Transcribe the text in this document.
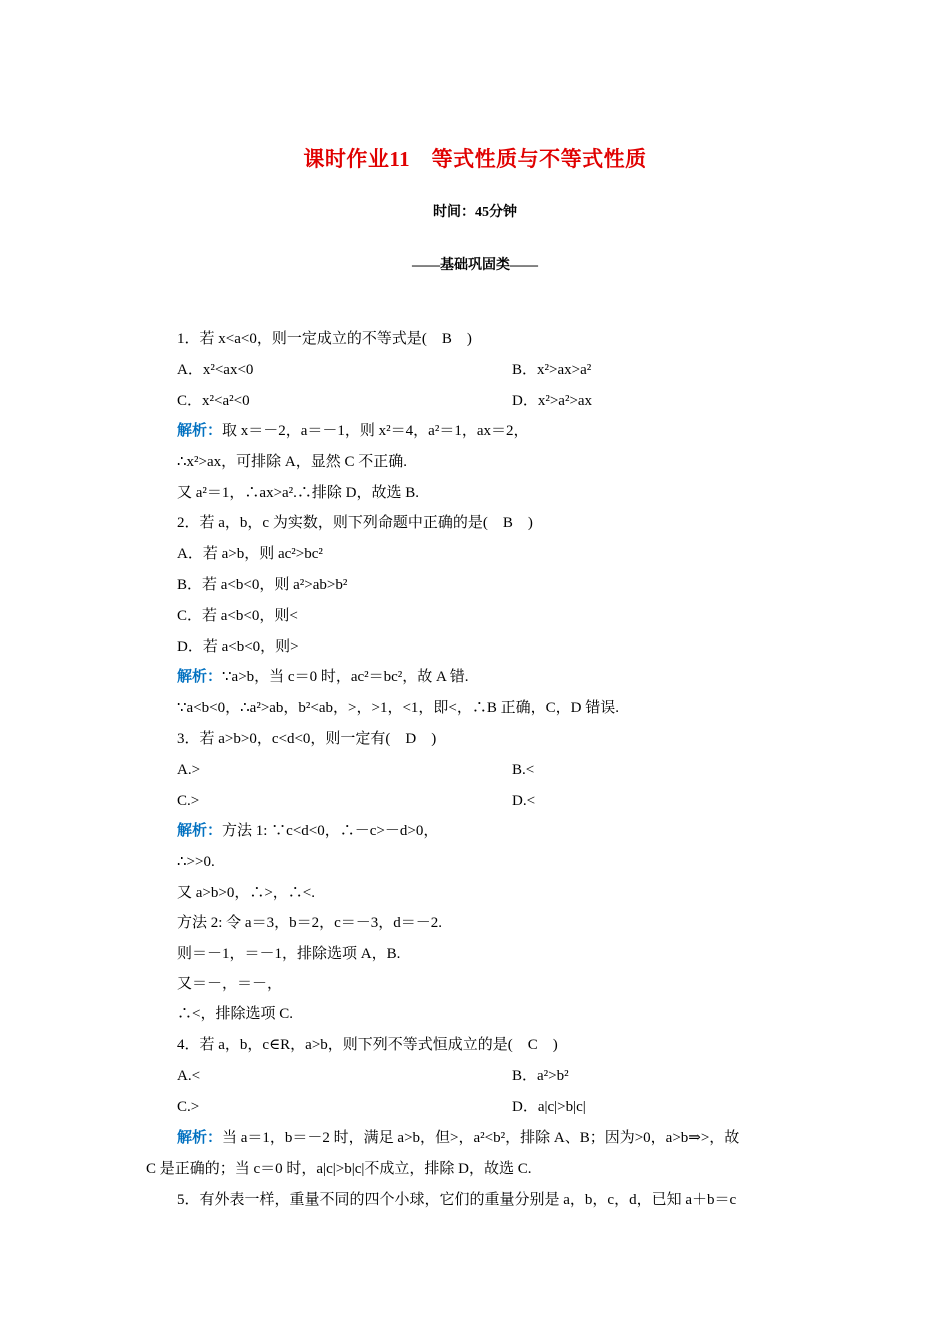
课时作业11　等式性质与不等式性质
时间：45分钟
——基础巩固类——
1．若 x<a<0，则一定成立的不等式是(　B　)
A．x²<ax<0	B．x²>ax>a²
C．x²<a²<0	D．x²>a²>ax
解析：取 x＝－2，a＝－1，则 x²＝4，a²＝1，ax＝2，
∴x²>ax，可排除 A，显然 C 不正确.
又 a²＝1，∴ax>a².∴排除 D，故选 B.
2．若 a，b，c 为实数，则下列命题中正确的是(　B　)
A．若 a>b，则 ac²>bc²
B．若 a<b<0，则 a²>ab>b²
C．若 a<b<0，则<
D．若 a<b<0，则>
解析：∵a>b，当 c＝0 时，ac²＝bc²，故 A 错.
∵a<b<0，∴a²>ab，b²<ab，>，>1，<1，即<，∴B 正确，C，D 错误.
3．若 a>b>0，c<d<0，则一定有(　D　)
A.>	B.<
C.>	D.<
解析：方法 1: ∵c<d<0，∴－c>－d>0，
∴>>0.
又 a>b>0，∴>，∴<.
方法 2: 令 a＝3，b＝2，c＝－3，d＝－2.
则＝－1，＝－1，排除选项 A，B.
又＝－，＝－，
∴<，排除选项 C.
4．若 a，b，c∈R，a>b，则下列不等式恒成立的是(　C　)
A.<	B．a²>b²
C.>	D．a|c|>b|c|
解析：当 a＝1，b＝－2 时，满足 a>b，但>，a²<b²，排除 A、B；因为>0，a>b⇒>，故
C 是正确的；当 c＝0 时，a|c|>b|c|不成立，排除 D，故选 C.
5．有外表一样，重量不同的四个小球，它们的重量分别是 a，b，c，d，已知 a＋b＝c
